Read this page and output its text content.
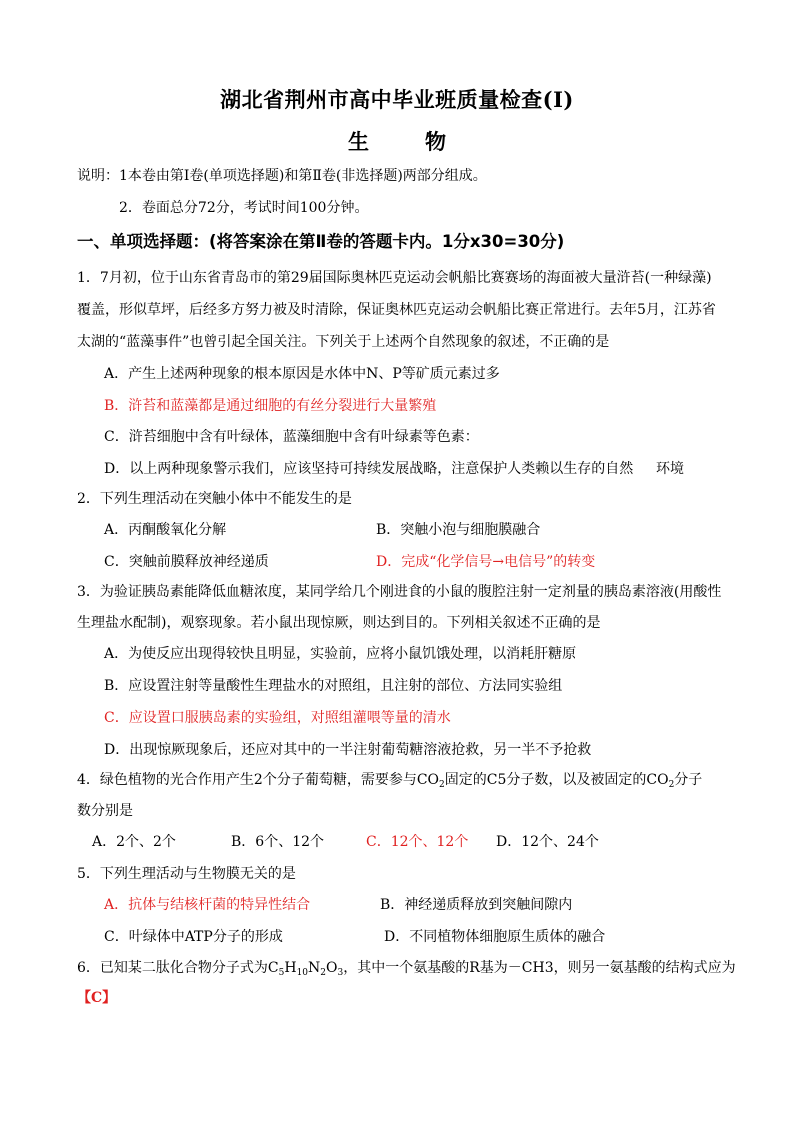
湖北省荆州市高中毕业班质量检查(Ⅰ)
生	物
说明：1本卷由第Ⅰ卷(单项选择题)和第Ⅱ卷(非选择题)两部分组成。
2．卷面总分72分，考试时间100分钟。
一、单项选择题：(将答案涂在第Ⅱ卷的答题卡内。1分x30=30分)
1．7月初，位于山东省青岛市的第29届国际奥林匹克运动会帆船比赛赛场的海面被大量浒苔(一种绿藻)
覆盖，形似草坪，后经多方努力被及时清除，保证奥林匹克运动会帆船比赛正常进行。去年5月，江苏省
太湖的“蓝藻事件”也曾引起全国关注。下列关于上述两个自然现象的叙述，不正确的是
A．产生上述两种现象的根本原因是水体中N、P等矿质元素过多
B．浒苔和蓝藻都是通过细胞的有丝分裂进行大量繁殖
C．浒苔细胞中含有叶绿体，蓝藻细胞中含有叶绿素等色素：
D．以上两种现象警示我们，应该坚持可持续发展战略，注意保护人类赖以生存的自然 环境
2．下列生理活动在突触小体中不能发生的是
A．丙酮酸氧化分解	B．突触小泡与细胞膜融合
C．突触前膜释放神经递质	D．完成“化学信号→电信号”的转变
3．为验证胰岛素能降低血糖浓度，某同学给几个刚进食的小鼠的腹腔注射一定剂量的胰岛素溶液(用酸性
生理盐水配制)，观察现象。若小鼠出现惊厥，则达到目的。下列相关叙述不正确的是
A．为使反应出现得较快且明显，实验前，应将小鼠饥饿处理，以消耗肝糖原
B．应设置注射等量酸性生理盐水的对照组，且注射的部位、方法同实验组
C．应设置口服胰岛素的实验组，对照组灌喂等量的清水
D．出现惊厥现象后，还应对其中的一半注射葡萄糖溶液抢救，另一半不予抢救
4．绿色植物的光合作用产生2个分子葡萄糖，需要参与$CO_2$固定的C5分子数，以及被固定的$CO_2$分子
数分别是
A．2个、2个	B．6个、12个	C．12个、12个 D．12个、24个
5．下列生理活动与生物膜无关的是
A．抗体与结核杆菌的特异性结合	B．神经递质释放到突触间隙内
C．叶绿体中ATP分子的形成	D．不同植物体细胞原生质体的融合
6．已知某二肽化合物分子式为$C_5H_{10}N_2O_3$，其中一个氨基酸的R基为－CH3，则另一氨基酸的结构式应为
【C】
